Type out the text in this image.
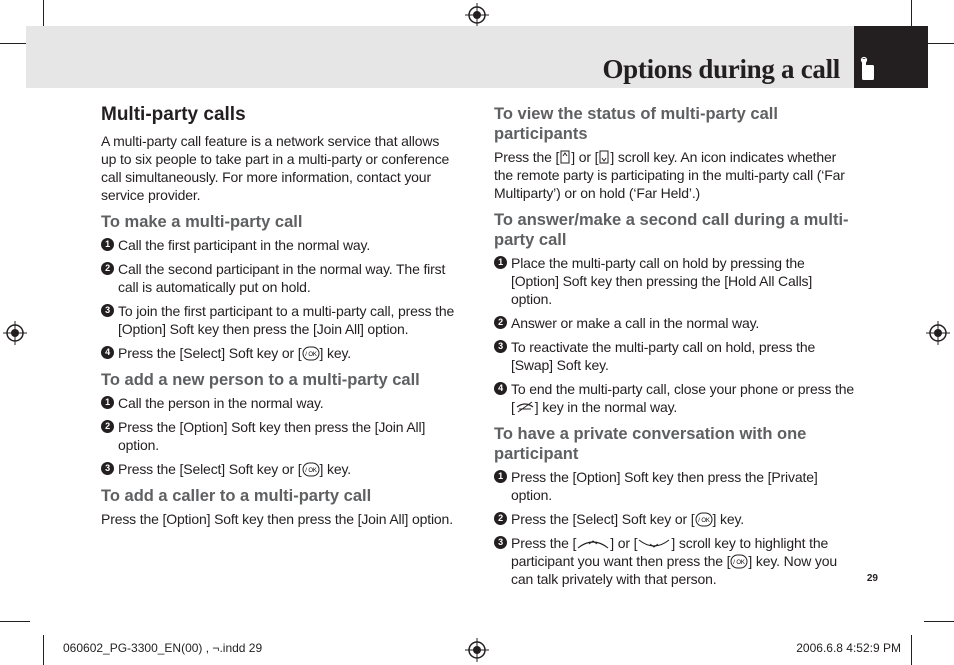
Options during a call
Multi-party calls

A multi-party call feature is a network service that allows up to six people to take part in a multi-party or conference call simultaneously. For more information, contact your service provider.

To make a multi-party call
1 Call the first participant in the normal way.
2 Call the second participant in the normal way. The first call is automatically put on hold.
3 To join the first participant to a multi-party call, press the [Option] Soft key then press the [Join All] option.
4 Press the [Select] Soft key or [ / OK ] key.
To add a new person to a multi-party call
1 Call the person in the normal way.
2 Press the [Option] Soft key then press the [Join All] option.
3 Press the [Select] Soft key or [ / OK ] key.
To add a caller to a multi-party call

Press the [Option] Soft key then press the [Join All] option.

To view the status of multi-party call participants

Press the [ ] or [ ] scroll key. An icon indicates whether the remote party is participating in the multi-party call (‘Far Multiparty’) or on hold (‘Far Held’.)

To answer/make a second call during a multi-party call
1 Place the multi-party call on hold by pressing the [Option] Soft key then pressing the [Hold All Calls] option.
2 Answer or make a call in the normal way.
3 To reactivate the multi-party call on hold, press the [Swap] Soft key.
4 To end the multi-party call, close your phone or press the [ ] key in the normal way.
To have a private conversation with one participant
1 Press the [Option] Soft key then press the [Private] option.
2 Press the [Select] Soft key or [ / OK ] key.
3 Press the [ ] or [ ] scroll key to highlight the participant you want then press the [ / OK ] key. Now you can talk privately with that person.	29
060602_PG-3300_EN(00) , ¬.indd 29	2006.6.8 4:52:9 PM
